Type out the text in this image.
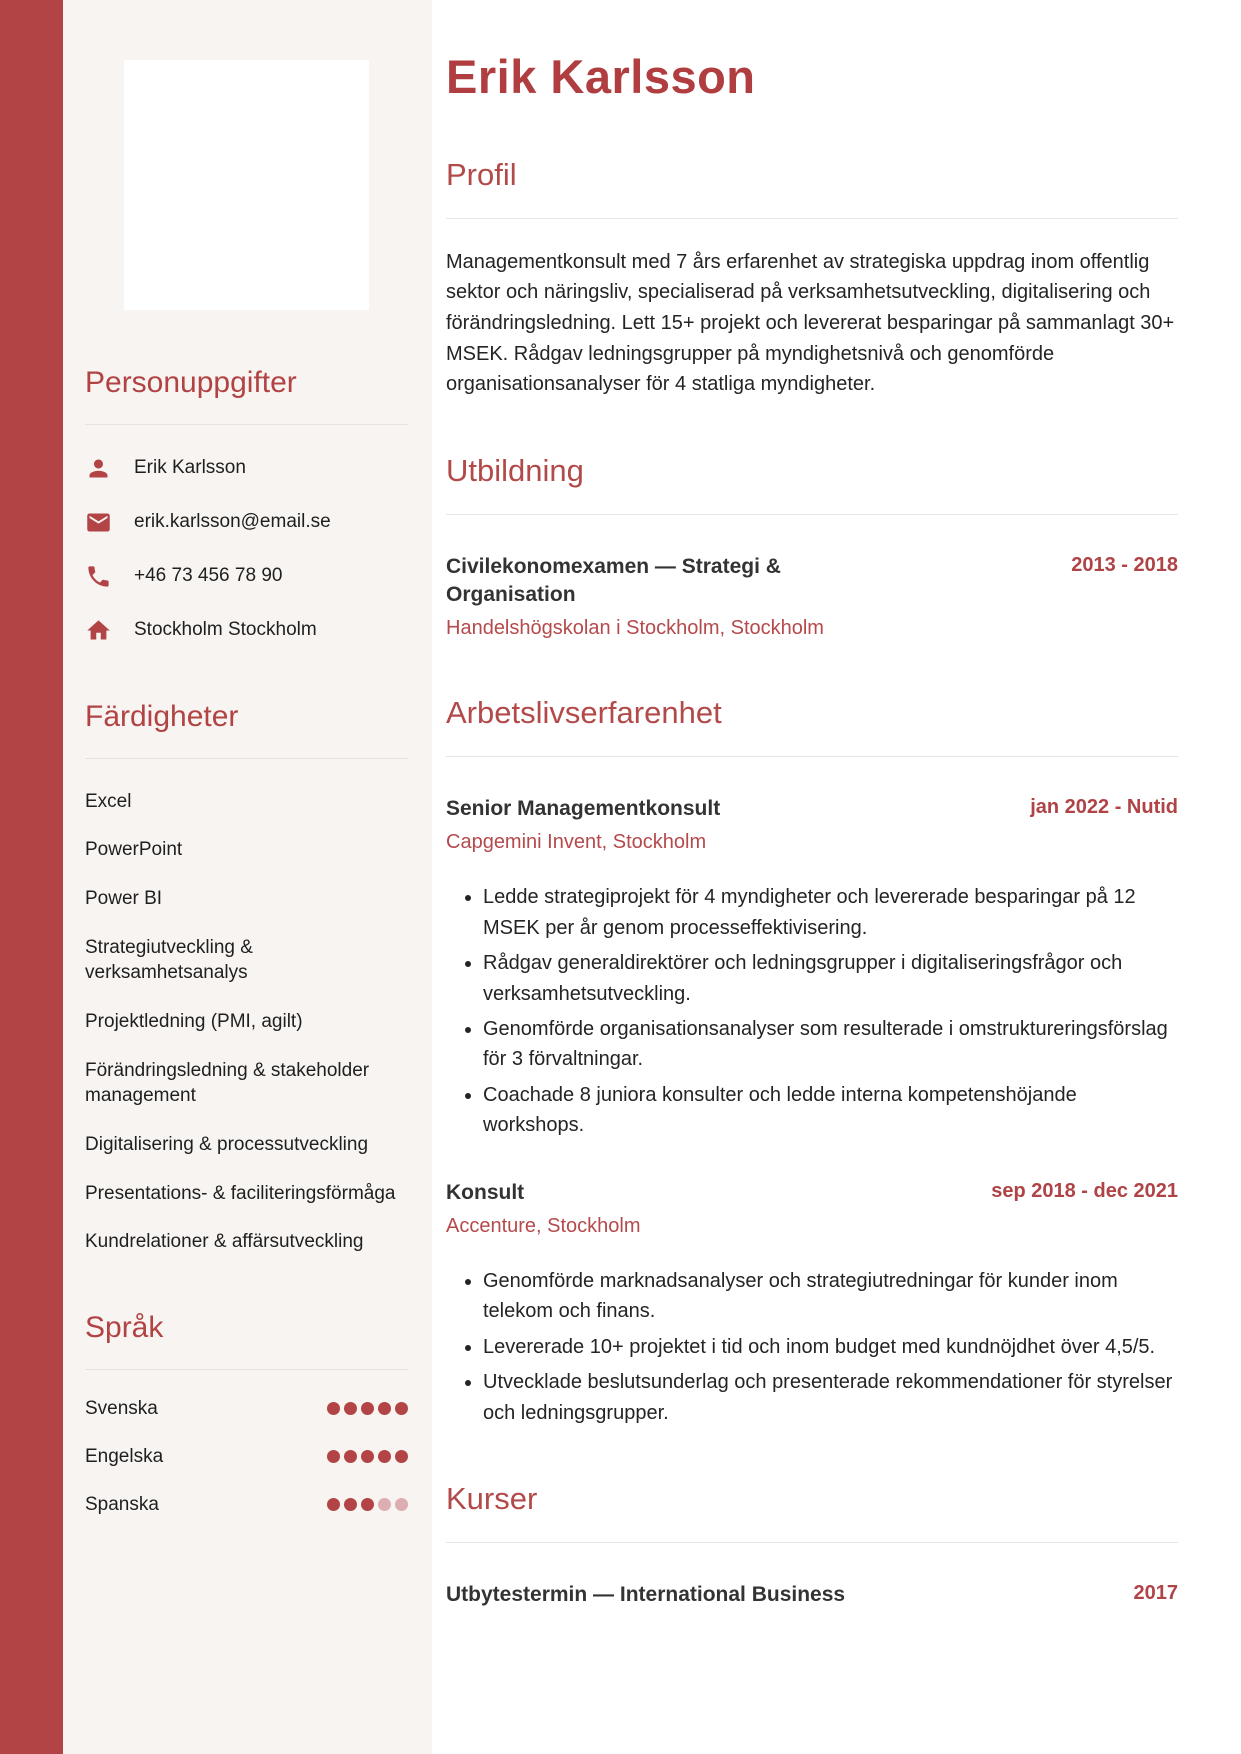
Personuppgifter
Erik Karlsson
erik.karlsson@email.se
+46 73 456 78 90
Stockholm Stockholm
Färdigheter
Excel
PowerPoint
Power BI
Strategiutveckling & verksamhetsanalys
Projektledning (PMI, agilt)
Förändringsledning & stakeholder management
Digitalisering & processutveckling
Presentations- & faciliteringsförmåga
Kundrelationer & affärsutveckling
Språk
Svenska
Engelska
Spanska
Erik Karlsson
Profil

Managementkonsult med 7 års erfarenhet av strategiska uppdrag inom offentlig sektor och näringsliv, specialiserad på verksamhetsutveckling, digitalisering och förändringsledning. Lett 15+ projekt och levererat besparingar på sammanlagt 30+ MSEK. Rådgav ledningsgrupper på myndighetsnivå och genomförde organisationsanalyser för 4 statliga myndigheter.

Utbildning
Civilekonomexamen — Strategi & Organisation
2013 - 2018
Handelshögskolan i Stockholm, Stockholm
Arbetslivserfarenhet
Senior Managementkonsult	jan 2022 - Nutid
Capgemini Invent, Stockholm
• Ledde strategiprojekt för 4 myndigheter och levererade besparingar på 12 MSEK per år genom processeffektivisering.
• Rådgav generaldirektörer och ledningsgrupper i digitaliseringsfrågor och verksamhetsutveckling.
• Genomförde organisationsanalyser som resulterade i omstruktureringsförslag för 3 förvaltningar.
• Coachade 8 juniora konsulter och ledde interna kompetenshöjande workshops.
Konsult	sep 2018 - dec 2021
Accenture, Stockholm
• Genomförde marknadsanalyser och strategiutredningar för kunder inom telekom och finans.
• Levererade 10+ projektet i tid och inom budget med kundnöjdhet över 4,5/5.
• Utvecklade beslutsunderlag och presenterade rekommendationer för styrelser och ledningsgrupper.
Kurser
Utbytestermin — International Business	2017
